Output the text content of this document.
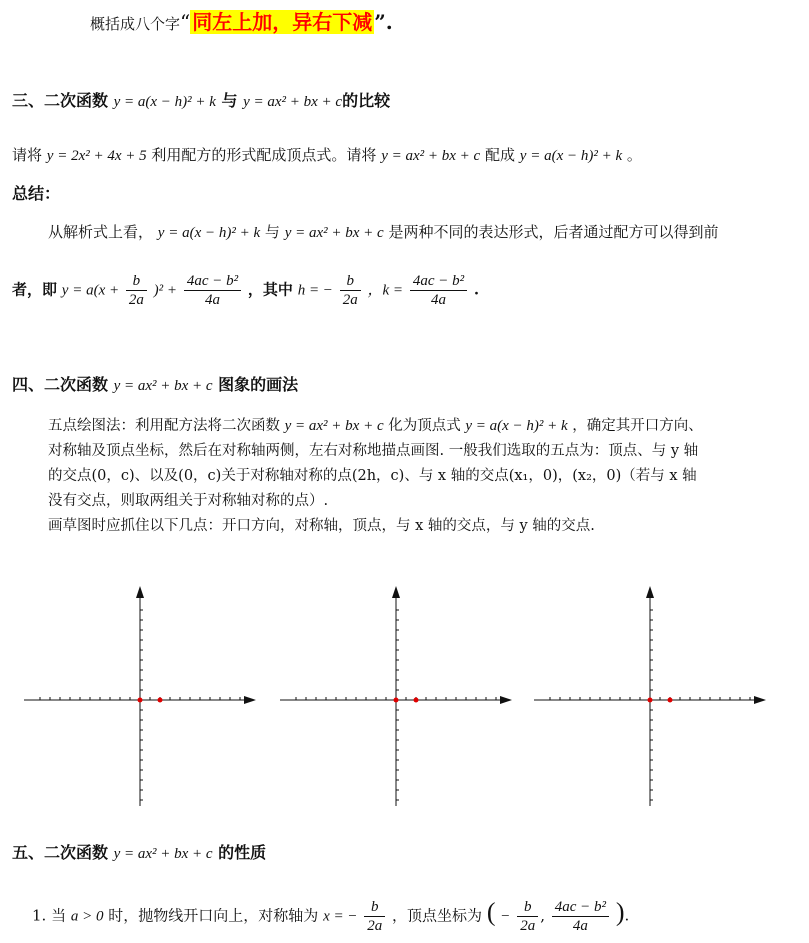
概括成八个字“ 同左上加，异右下减 ”.
三、二次函数 y = a(x − h)² + k 与 y = ax² + bx + c的比较
请将 y = 2x² + 4x + 5 利用配方的形式配成顶点式。请将 y = ax² + bx + c 配成 y = a(x − h)² + k 。
总结：
从解析式上看， y = a(x − h)² + k 与 y = ax² + bx + c 是两种不同的表达形式，后者通过配方可以得到前
者，即 $y = a(x + \frac{b}{2a} )^2 + \frac{\text{4ac − b²}}{4a}$ ，其中 h = − $\frac{b}{2a}$ ，$k = \frac{\text{4ac − b²}}{4a}$ .
四、二次函数 y = ax² + bx + c 图象的画法
五点绘图法：利用配方法将二次函数 y = ax² + bx + c 化为顶点式 y = a(x − h)² + k ，确定其开口方向、
对称轴及顶点坐标，然后在对称轴两侧，左右对称地描点画图. 一般我们选取的五点为：顶点、与 y 轴
的交点(0，c)、以及(0，c)关于对称轴对称的点(2h，c)、与 x 轴的交点(x₁，0)，(x₂，0)（若与 x 轴
没有交点，则取两组关于对称轴对称的点）.
画草图时应抓住以下几点：开口方向，对称轴，顶点，与 x 轴的交点，与 y 轴的交点.
五、二次函数 y = ax² + bx + c 的性质
1. 当 a > 0 时，抛物线开口向上，对称轴为 x = − $\frac{b}{2a}$ ，顶点坐标为 ( − $\frac{b}{2a}$ , $\frac{\text{4ac − b²}}{4a}$ ).
